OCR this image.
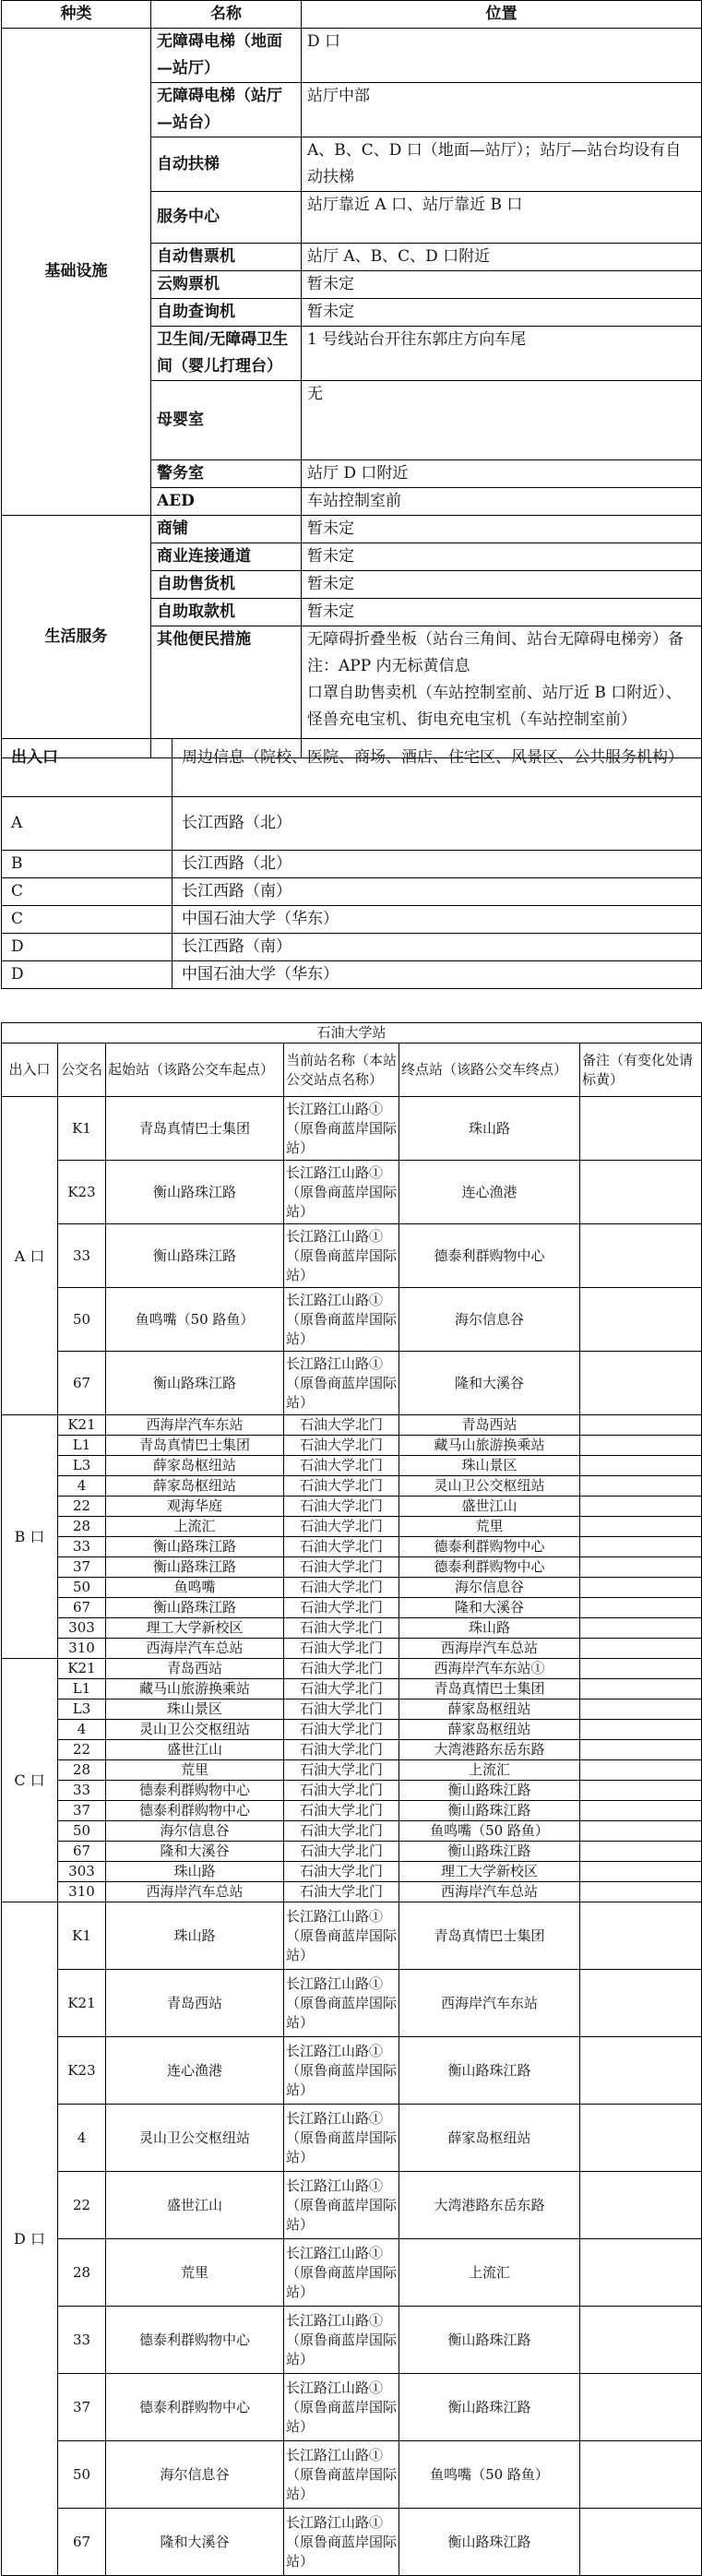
种类	名称	位置
基础设施	无障碍电梯（地面—站厅）	D 口

	无障碍电梯（站厅—站台）	站厅中部

	自动扶梯	A、B、C、D 口（地面—站厅）；站厅—站台均设有自动扶梯

	服务中心	站厅靠近 A 口、站厅靠近 B 口

	自动售票机	站厅 A、B、C、D 口附近

	云购票机	暂未定

	自助查询机	暂未定

	卫生间/无障碍卫生间（婴儿打理台）	1 号线站台开往东郭庄方向车尾

	母婴室	无

	警务室	站厅 D 口附近

	AED	车站控制室前

生活服务	商铺	暂未定

	商业连接通道	暂未定

	自助售货机	暂未定

	自助取款机	暂未定

	其他便民措施	无障碍折叠坐板（站台三角间、站台无障碍电梯旁）备注：APP 内无标黄信息
口罩自助售卖机（车站控制室前、站厅近 B 口附近）、怪兽充电宝机、街电充电宝机（车站控制室前）
出入口	周边信息（院校、医院、商场、酒店、住宅区、风景区、公共服务机构）
A	长江西路（北）
B	长江西路（北）
C	长江西路（南）
C	中国石油大学（华东）
D	长江西路（南）
D	中国石油大学（华东）
石油大学站					
出入口	公交名	起始站（该路公交车起点）	当前站名称（本站公交站点名称）	终点站（该路公交车终点）	备注（有变化处请标黄）
A 口	K1	青岛真情巴士集团	长江路江山路①（原鲁商蓝岸国际站）	珠山路	
	K23	衡山路珠江路	长江路江山路①（原鲁商蓝岸国际站）	连心渔港	
	33	衡山路珠江路	长江路江山路①（原鲁商蓝岸国际站）	德泰利群购物中心	
	50	鱼鸣嘴（50 路鱼）	长江路江山路①（原鲁商蓝岸国际站）	海尔信息谷	
	67	衡山路珠江路	长江路江山路①（原鲁商蓝岸国际站）	隆和大溪谷	
B 口	K21	西海岸汽车东站	石油大学北门	青岛西站	
	L1	青岛真情巴士集团	石油大学北门	藏马山旅游换乘站	
	L3	薛家岛枢纽站	石油大学北门	珠山景区	
	4	薛家岛枢纽站	石油大学北门	灵山卫公交枢纽站	
	22	观海华庭	石油大学北门	盛世江山	
	28	上流汇	石油大学北门	荒里	
	33	衡山路珠江路	石油大学北门	德泰利群购物中心	
	37	衡山路珠江路	石油大学北门	德泰利群购物中心	
	50	鱼鸣嘴	石油大学北门	海尔信息谷	
	67	衡山路珠江路	石油大学北门	隆和大溪谷	
	303	理工大学新校区	石油大学北门	珠山路	
	310	西海岸汽车总站	石油大学北门	西海岸汽车总站	
C 口	K21	青岛西站	石油大学北门	西海岸汽车东站①	
	L1	藏马山旅游换乘站	石油大学北门	青岛真情巴士集团	
	L3	珠山景区	石油大学北门	薛家岛枢纽站	
	4	灵山卫公交枢纽站	石油大学北门	薛家岛枢纽站	
	22	盛世江山	石油大学北门	大湾港路东岳东路	
	28	荒里	石油大学北门	上流汇	
	33	德泰利群购物中心	石油大学北门	衡山路珠江路	
	37	德泰利群购物中心	石油大学北门	衡山路珠江路	
	50	海尔信息谷	石油大学北门	鱼鸣嘴（50 路鱼）	
	67	隆和大溪谷	石油大学北门	衡山路珠江路	
	303	珠山路	石油大学北门	理工大学新校区	
	310	西海岸汽车总站	石油大学北门	西海岸汽车总站	
D 口	K1	珠山路	长江路江山路①（原鲁商蓝岸国际站）	青岛真情巴士集团	
	K21	青岛西站	长江路江山路①（原鲁商蓝岸国际站）	西海岸汽车东站	
	K23	连心渔港	长江路江山路①（原鲁商蓝岸国际站）	衡山路珠江路	
	4	灵山卫公交枢纽站	长江路江山路①（原鲁商蓝岸国际站）	薛家岛枢纽站	
	22	盛世江山	长江路江山路①（原鲁商蓝岸国际站）	大湾港路东岳东路	
	28	荒里	长江路江山路①（原鲁商蓝岸国际站）	上流汇	
	33	德泰利群购物中心	长江路江山路①（原鲁商蓝岸国际站）	衡山路珠江路	
	37	德泰利群购物中心	长江路江山路①（原鲁商蓝岸国际站）	衡山路珠江路	
	50	海尔信息谷	长江路江山路①（原鲁商蓝岸国际站）	鱼鸣嘴（50 路鱼）	
	67	隆和大溪谷	长江路江山路①（原鲁商蓝岸国际站）	衡山路珠江路	
